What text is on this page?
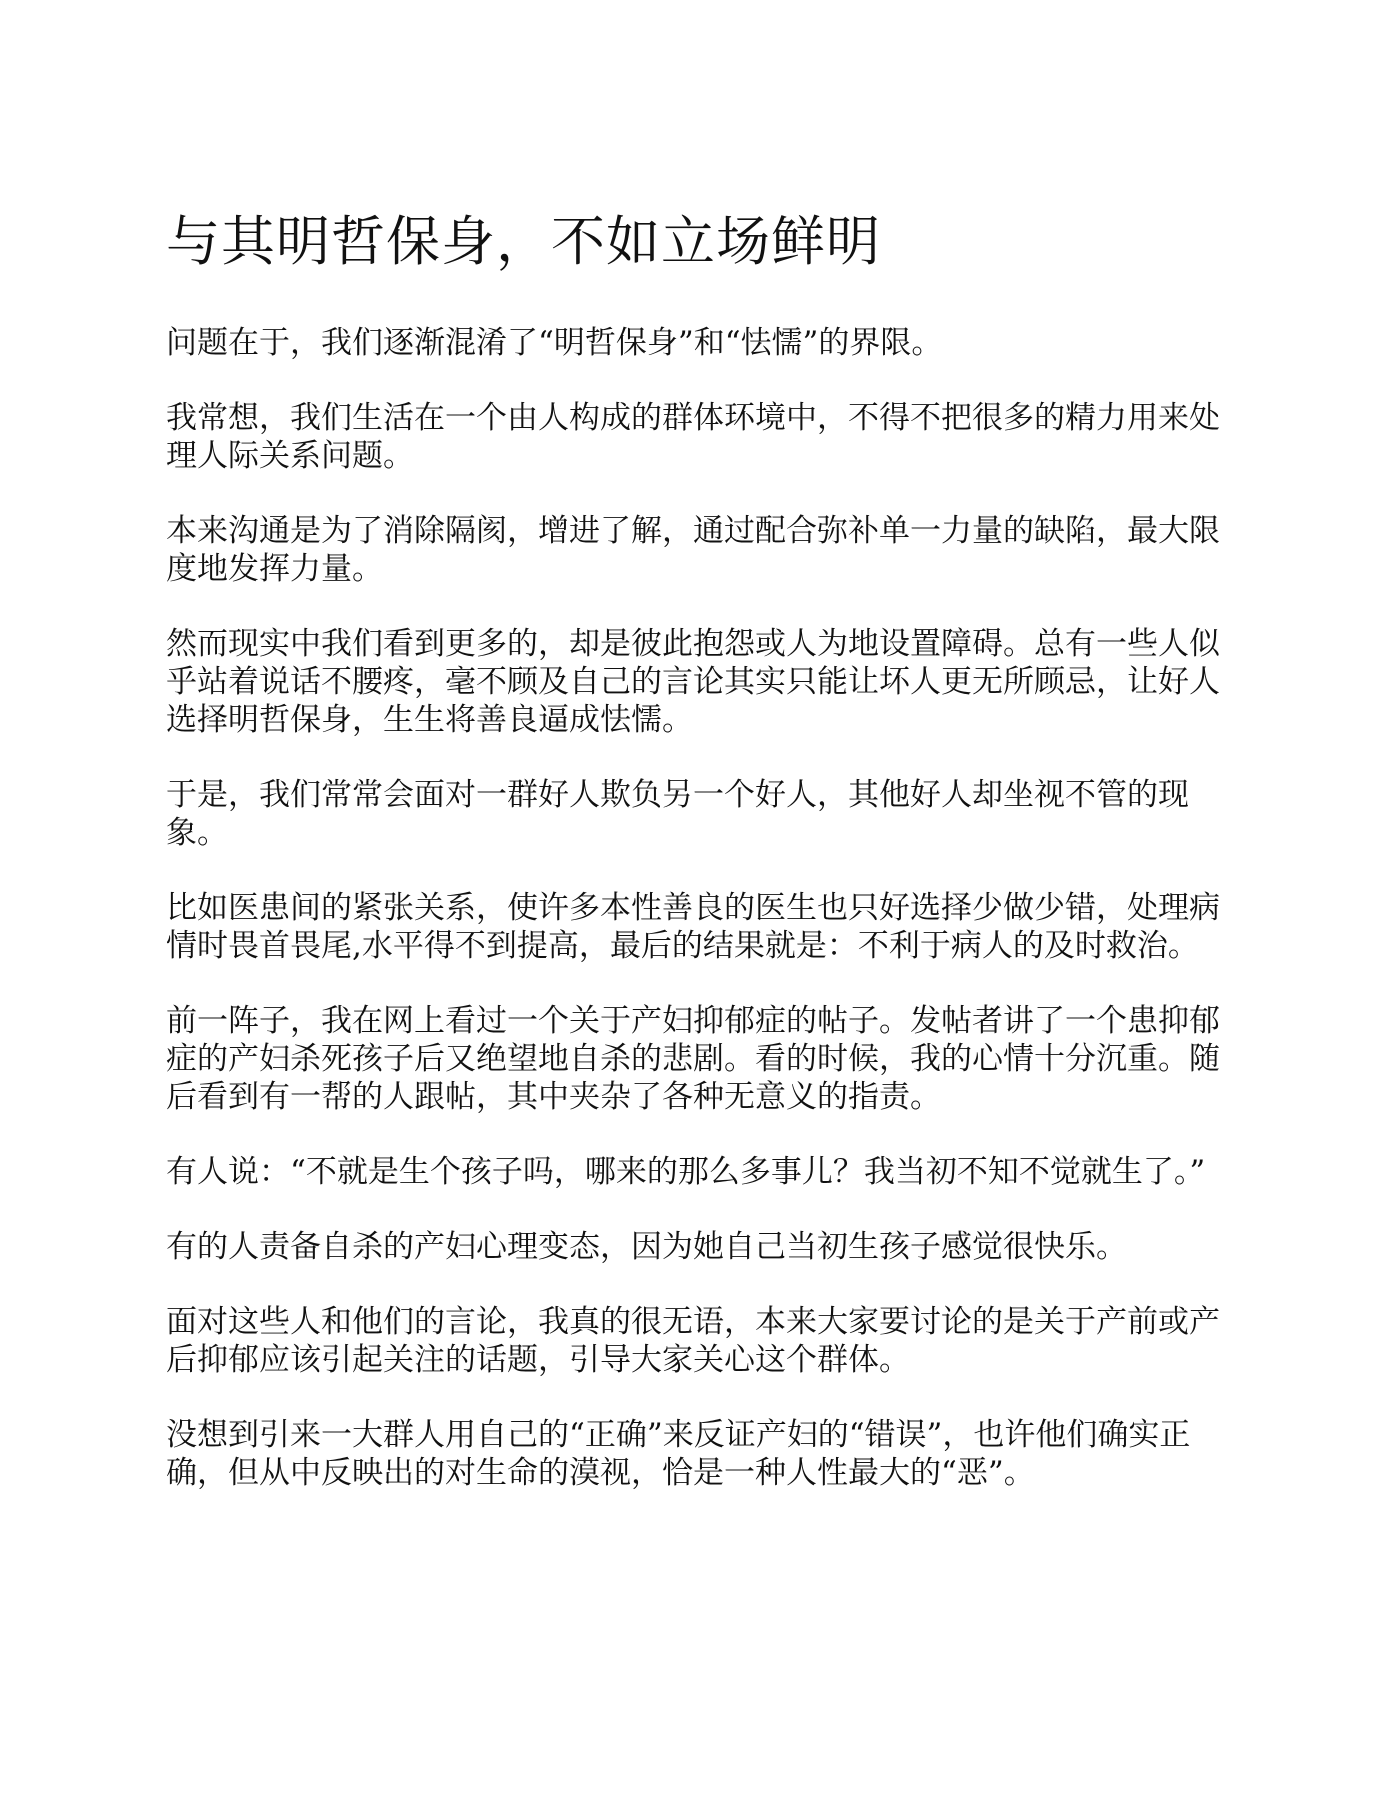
与其明哲保身，不如立场鲜明

问题在于，我们逐渐混淆了“明哲保身”和“怯懦”的界限。

我常想，我们生活在一个由人构成的群体环境中，不得不把很多的精力用来处理人际关系问题。

本来沟通是为了消除隔阂，增进了解，通过配合弥补单一力量的缺陷，最大限度地发挥力量。

然而现实中我们看到更多的，却是彼此抱怨或人为地设置障碍。总有一些人似乎站着说话不腰疼，毫不顾及自己的言论其实只能让坏人更无所顾忌，让好人选择明哲保身，生生将善良逼成怯懦。

于是，我们常常会面对一群好人欺负另一个好人，其他好人却坐视不管的现象。

比如医患间的紧张关系，使许多本性善良的医生也只好选择少做少错，处理病情时畏首畏尾,水平得不到提高，最后的结果就是：不利于病人的及时救治。

前一阵子，我在网上看过一个关于产妇抑郁症的帖子。发帖者讲了一个患抑郁症的产妇杀死孩子后又绝望地自杀的悲剧。看的时候，我的心情十分沉重。随后看到有一帮的人跟帖，其中夹杂了各种无意义的指责。

有人说：“不就是生个孩子吗，哪来的那么多事儿？我当初不知不觉就生了。”

有的人责备自杀的产妇心理变态，因为她自己当初生孩子感觉很快乐。

面对这些人和他们的言论，我真的很无语，本来大家要讨论的是关于产前或产后抑郁应该引起关注的话题，引导大家关心这个群体。

没想到引来一大群人用自己的“正确”来反证产妇的“错误”，也许他们确实正确，但从中反映出的对生命的漠视，恰是一种人性最大的“恶”。
